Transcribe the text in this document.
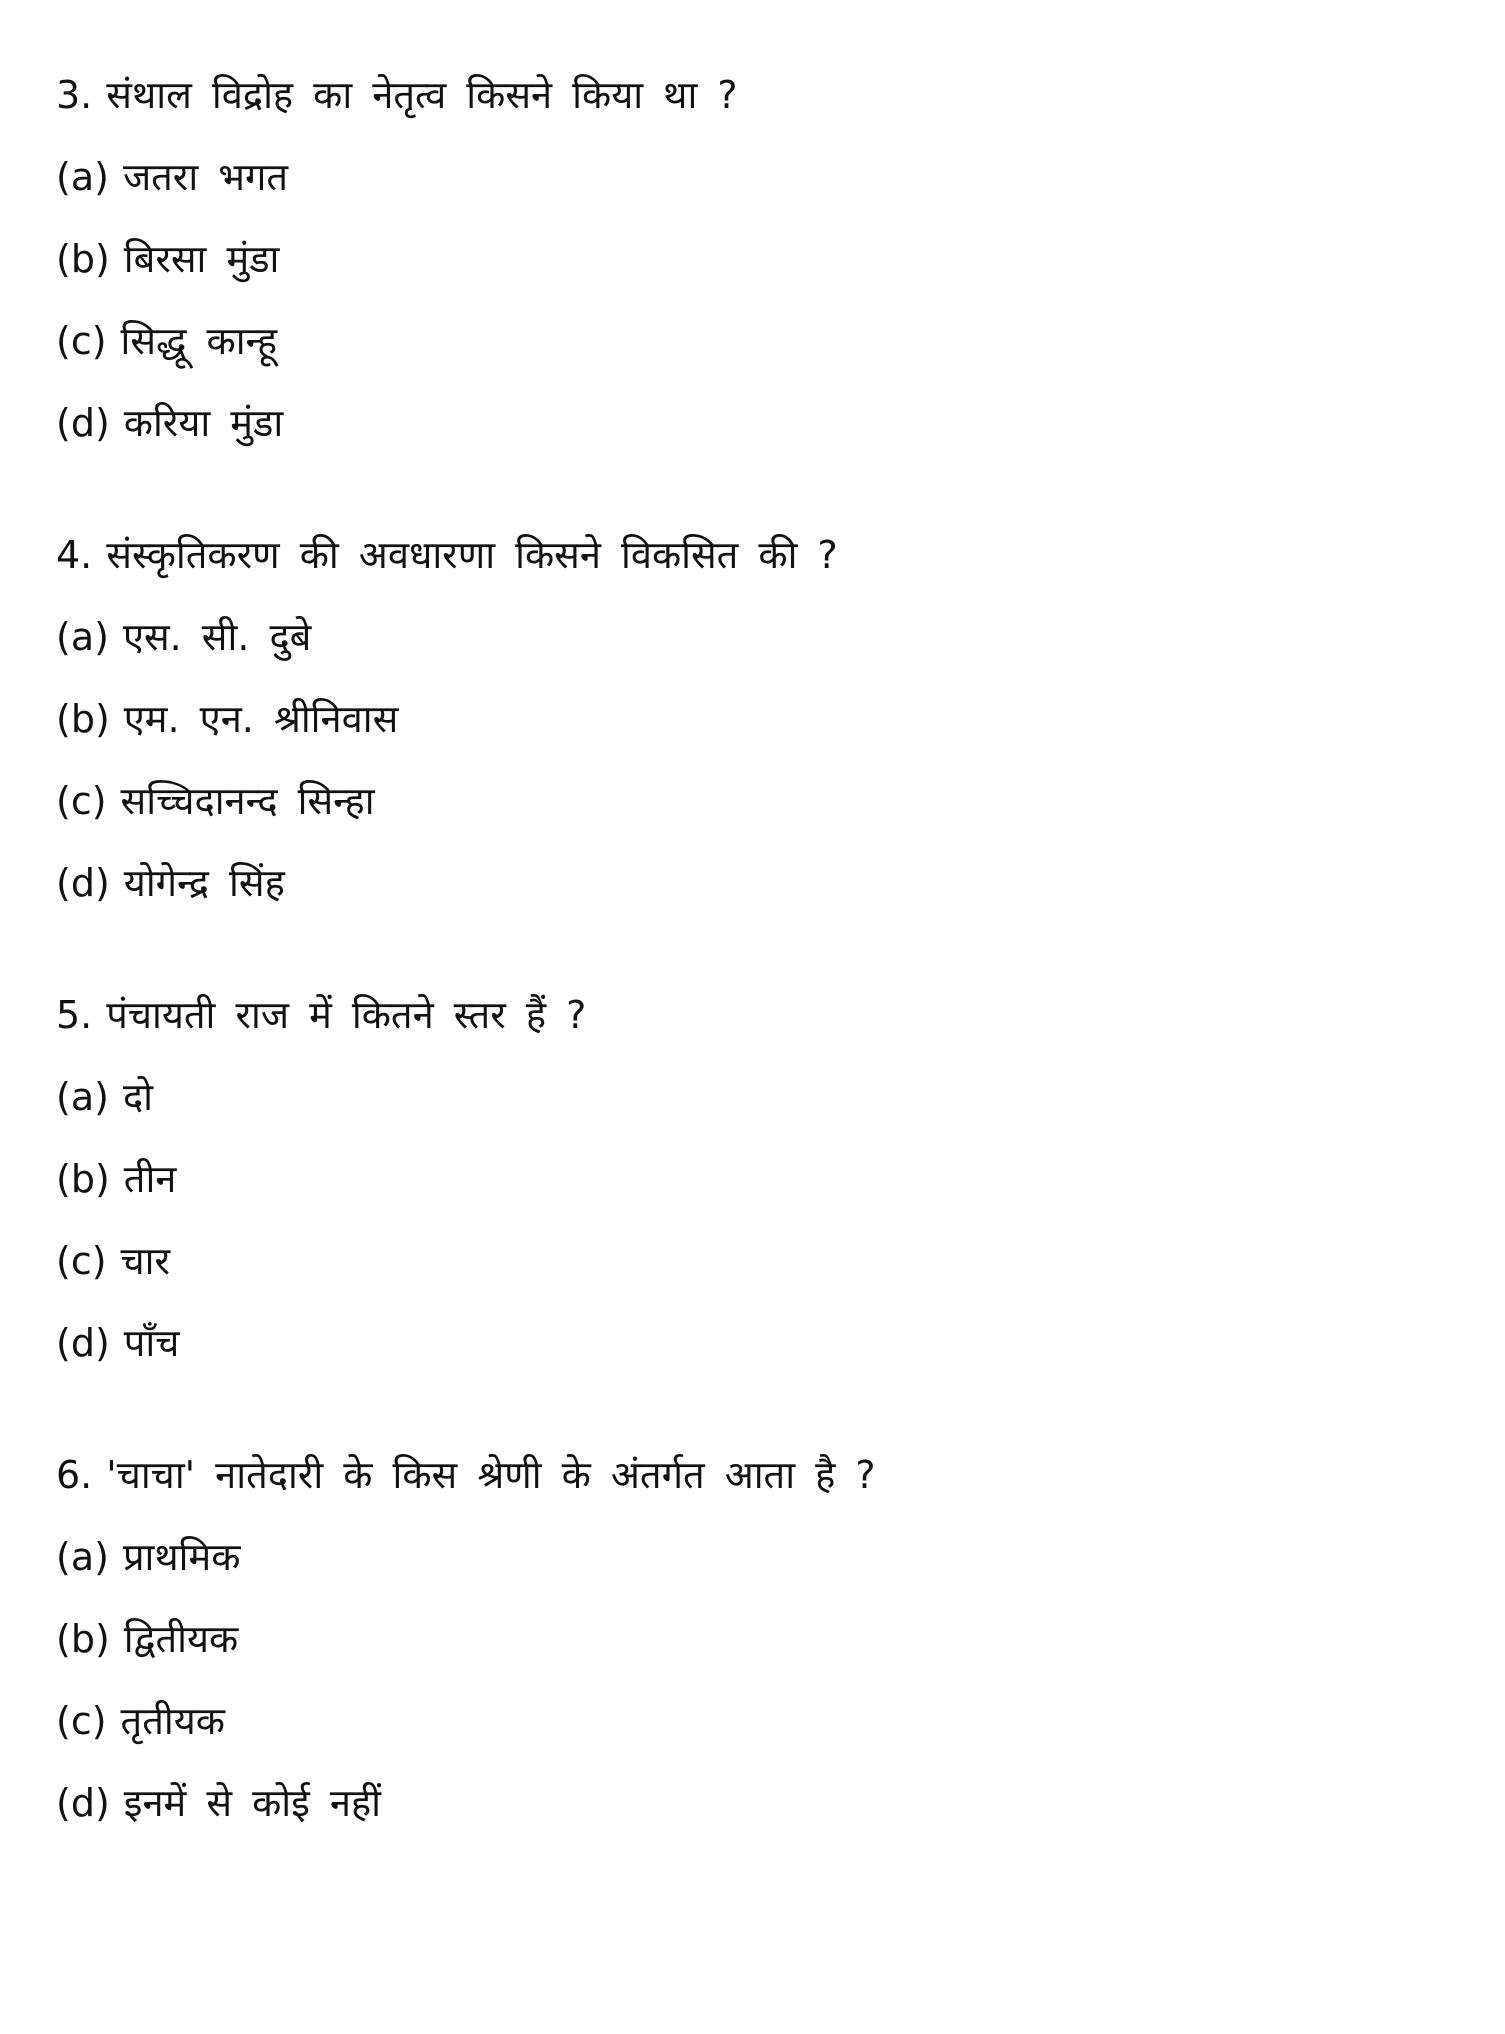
3. संथाल विद्रोह का नेतृत्व किसने किया था ?
(a) जतरा भगत
(b) बिरसा मुंडा
(c) सिद्धू कान्हू
(d) करिया मुंडा
4. संस्कृतिकरण की अवधारणा किसने विकसित की ?
(a) एस. सी. दुबे
(b) एम. एन. श्रीनिवास
(c) सच्चिदानन्द सिन्हा
(d) योगेन्द्र सिंह
5. पंचायती राज में कितने स्तर हैं ?
(a) दो
(b) तीन
(c) चार
(d) पाँच
6. 'चाचा' नातेदारी के किस श्रेणी के अंतर्गत आता है ?
(a) प्राथमिक
(b) द्वितीयक
(c) तृतीयक
(d) इनमें से कोई नहीं
